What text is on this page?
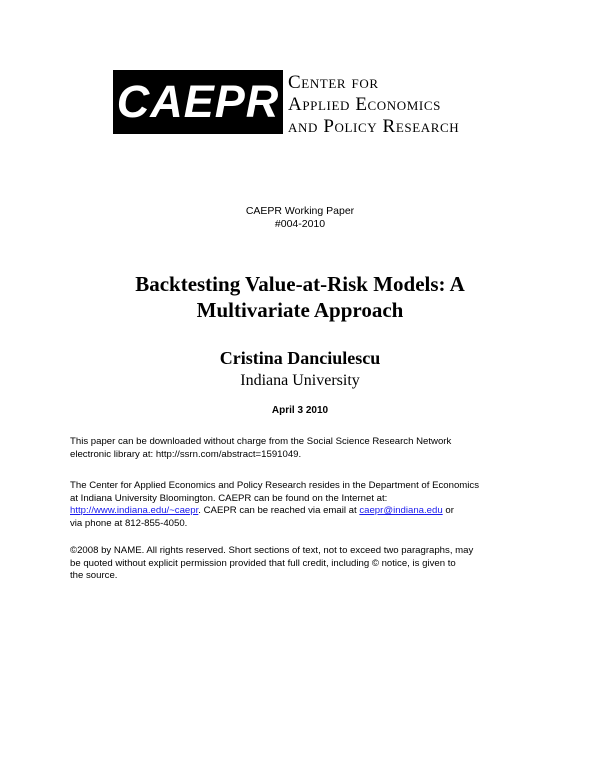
CAEPR Center for
Applied Economics
and Policy Research
CAEPR Working Paper
#004-2010
Backtesting Value-at-Risk Models: A
Multivariate Approach
Cristina Danciulescu
Indiana University
April 3 2010
This paper can be downloaded without charge from the Social Science Research Network
electronic library at: http://ssrn.com/abstract=1591049.
The Center for Applied Economics and Policy Research resides in the Department of Economics
at Indiana University Bloomington. CAEPR can be found on the Internet at:
http://www.indiana.edu/~caepr. CAEPR can be reached via email at caepr@indiana.edu or
via phone at 812-855-4050.
©2008 by NAME. All rights reserved. Short sections of text, not to exceed two paragraphs, may
be quoted without explicit permission provided that full credit, including © notice, is given to
the source.
